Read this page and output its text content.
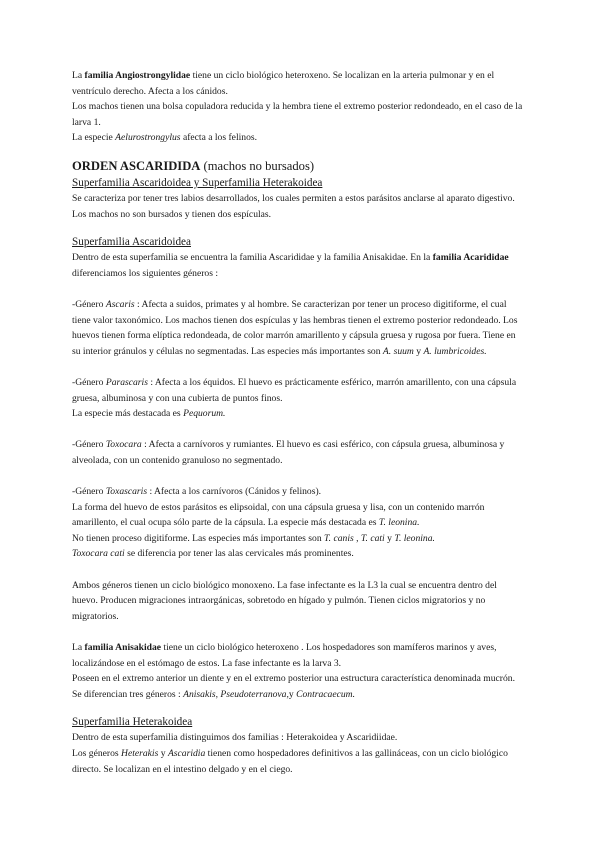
La familia Angiostrongylidae tiene un ciclo biológico heteroxeno. Se localizan en la arteria pulmonar y en el ventrículo derecho. Afecta a los cánidos.

Los machos tienen una bolsa copuladora reducida y la hembra tiene el extremo posterior redondeado, en el caso de la larva 1.

La especie Aelurostrongylus afecta a los felinos.

ORDEN ASCARIDIDA (machos no bursados)

Superfamilia Ascaridoidea y Superfamilia Heterakoidea

Se caracteriza por tener tres labios desarrollados, los cuales permiten a estos parásitos anclarse al aparato digestivo. Los machos no son bursados y tienen dos espículas.

Superfamilia Ascaridoidea

Dentro de esta superfamilia se encuentra la familia Ascarididae y la familia Anisakidae. En la familia Acarididae diferenciamos los siguientes géneros :

-Género Ascaris : Afecta a suidos, primates y al hombre. Se caracterizan por tener un proceso digitiforme, el cual tiene valor taxonómico. Los machos tienen dos espículas y las hembras tienen el extremo posterior redondeado. Los huevos tienen forma elíptica redondeada, de color marrón amarillento y cápsula gruesa y rugosa por fuera. Tiene en su interior gránulos y células no segmentadas. Las especies más importantes son A. suum y A. lumbricoides.

-Género Parascaris : Afecta a los équidos. El huevo es prácticamente esférico, marrón amarillento, con una cápsula gruesa, albuminosa y con una cubierta de puntos finos.

La especie más destacada es Pequorum.

-Género Toxocara : Afecta a carnívoros y rumiantes. El huevo es casi esférico, con cápsula gruesa, albuminosa y alveolada, con un contenido granuloso no segmentado.

-Género Toxascaris : Afecta a los carnívoros (Cánidos y felinos).

La forma del huevo de estos parásitos es elipsoidal, con una cápsula gruesa y lisa, con un contenido marrón amarillento, el cual ocupa sólo parte de la cápsula. La especie más destacada es T. leonina.

No tienen proceso digitiforme. Las especies más importantes son T. canis , T. cati y T. leonina.

Toxocara cati se diferencia por tener las alas cervicales más prominentes.

Ambos géneros tienen un ciclo biológico monoxeno. La fase infectante es la L3 la cual se encuentra dentro del huevo. Producen migraciones intraorgánicas, sobretodo en hígado y pulmón. Tienen ciclos migratorios y no migratorios.

La familia Anisakidae tiene un ciclo biológico heteroxeno . Los hospedadores son mamíferos marinos y aves, localizándose en el estómago de estos. La fase infectante es la larva 3.

Poseen en el extremo anterior un diente y en el extremo posterior una estructura característica denominada mucrón. Se diferencian tres géneros : Anisakis, Pseudoterranova,y Contracaecum.

Superfamilia Heterakoidea

Dentro de esta superfamilia distinguimos dos familias : Heterakoidea y Ascaridiidae.

Los géneros Heterakis y Ascaridia tienen como hospedadores definitivos a las gallináceas, con un ciclo biológico directo. Se localizan en el intestino delgado y en el ciego.
